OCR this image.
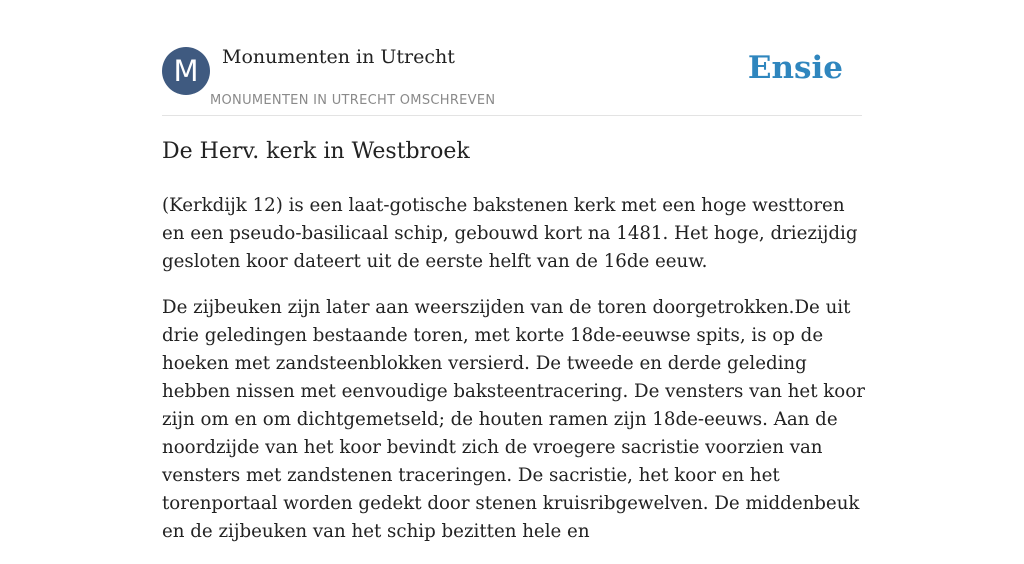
M	Monumenten in Utrecht
MONUMENTEN IN UTRECHT OMSCHREVEN
Ensie
De Herv. kerk in Westbroek

(Kerkdijk 12) is een laat-gotische bakstenen kerk met een hoge westtoren en een pseudo-basilicaal schip, gebouwd kort na 1481. Het hoge, driezijdig gesloten koor dateert uit de eerste helft van de 16de eeuw.

De zijbeuken zijn later aan weerszijden van de toren doorgetrokken.De uit drie geledingen bestaande toren, met korte 18de-eeuwse spits, is op de hoeken met zandsteenblokken versierd. De tweede en derde geleding hebben nissen met eenvoudige baksteentracering. De vensters van het koor zijn om en om dichtgemetseld; de houten ramen zijn 18de-eeuws. Aan de noordzijde van het koor bevindt zich de vroegere sacristie voorzien van vensters met zandstenen traceringen. De sacristie, het koor en het torenportaal worden gedekt door stenen kruisribgewelven. De middenbeuk en de zijbeuken van het schip bezitten hele en
